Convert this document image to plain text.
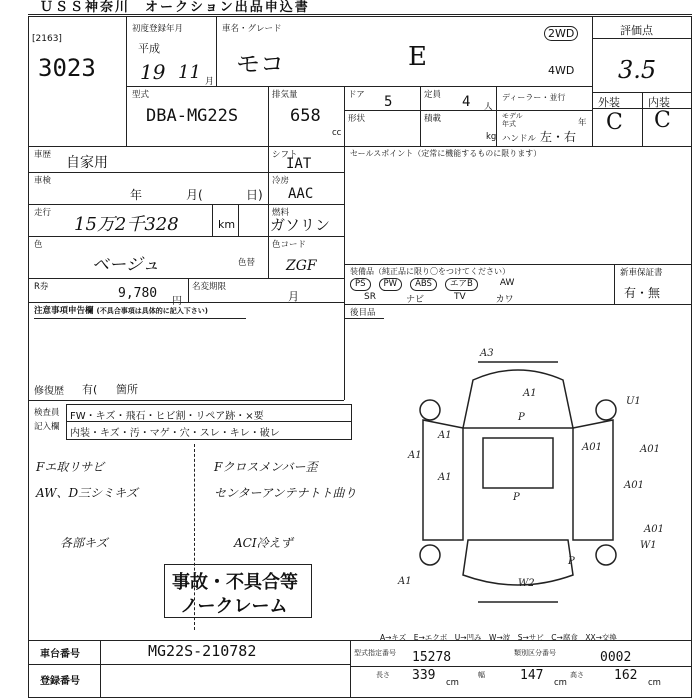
ＵＳＳ神奈川　オークション出品申込書
[2163]
3023
初度登録年月
平成
19 11 月
車名・グレード
モコ	E
2WD
4WD
評価点
3.5
外装	内装
C C
型式
DBA-MG22S
排気量
658
cc
ドア 5	定員 4 人
ディーラー・並行
形状	積載
kg
モデル年式	年
ハンドル 左・右
車歴 自家用
車検
年	月(	日)
走行
15万2千328	km
色
ベージュ	色替
シフト
IAT
冷房
AAC
燃料
ガソリン
色コード
ZGF
R券	9,780
円
名変期限
月
注意事項申告欄 (不具合事項は具体的に記入下さい)
修復歴 有( 箇所
セールスポイント（定常に機能するものに限ります）
装備品（純正品に限り〇をつけてください）	新車保証書
有・無
PS	PW	ABS	エアB	AW
SR	ナビ	TV	カワ
後目品
検査員
記入欄
FW・キズ・飛石・ヒビ割・リペア跡・×要
内装・キズ・汚・マゲ・穴・スレ・キレ・破レ
Fエ取リサビ
AW、D三シミキズ
各部キズ
Fクロスメンバー歪
センターアンテナトト曲り
ACI冷えず
事故・不具合等
ノークレーム
A3
A1
A1
P
U1
A1
A01
A1
A01
P
A1	W2
A01
P
A01
W1
A→キズ　E→エクボ　U→凹み　W→波　S→サビ　C→腐食　XX→交換
車台番号	MG22S-210782
登録番号
型式指定番号 15278	類別区分番号	0002
長さ 339 cm
幅	147 cm
高さ 162 cm
